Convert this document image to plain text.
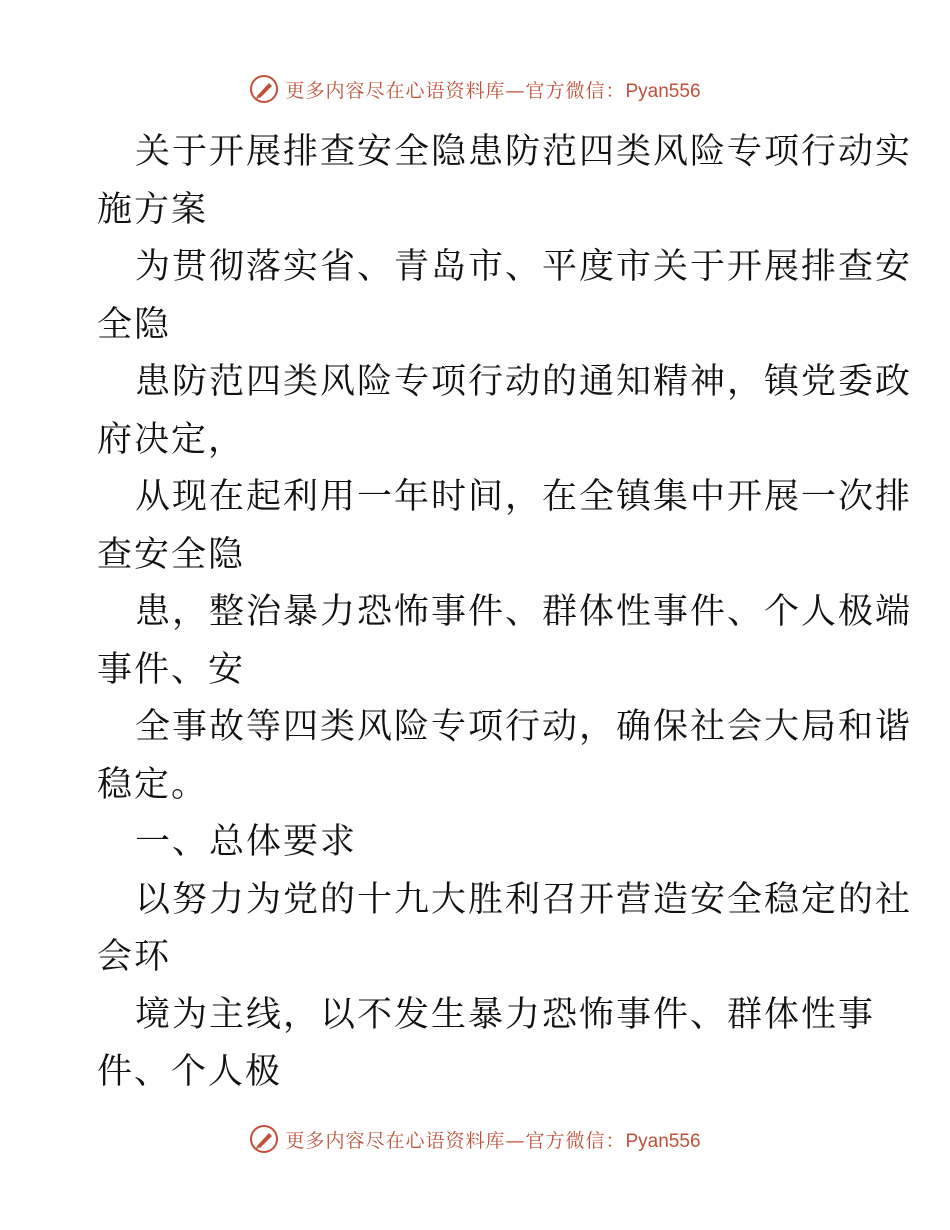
更多内容尽在心语资料库—官方微信：Pyan556
关于开展排查安全隐患防范四类风险专项行动实
施方案
为贯彻落实省、青岛市、平度市关于开展排查安
全隐
患防范四类风险专项行动的通知精神，镇党委政
府决定，
从现在起利用一年时间，在全镇集中开展一次排
查安全隐
患，整治暴力恐怖事件、群体性事件、个人极端
事件、安
全事故等四类风险专项行动，确保社会大局和谐
稳定。
一、总体要求
以努力为党的十九大胜利召开营造安全稳定的社
会环
境为主线，以不发生暴力恐怖事件、群体性事
件、个人极
更多内容尽在心语资料库—官方微信：Pyan556
